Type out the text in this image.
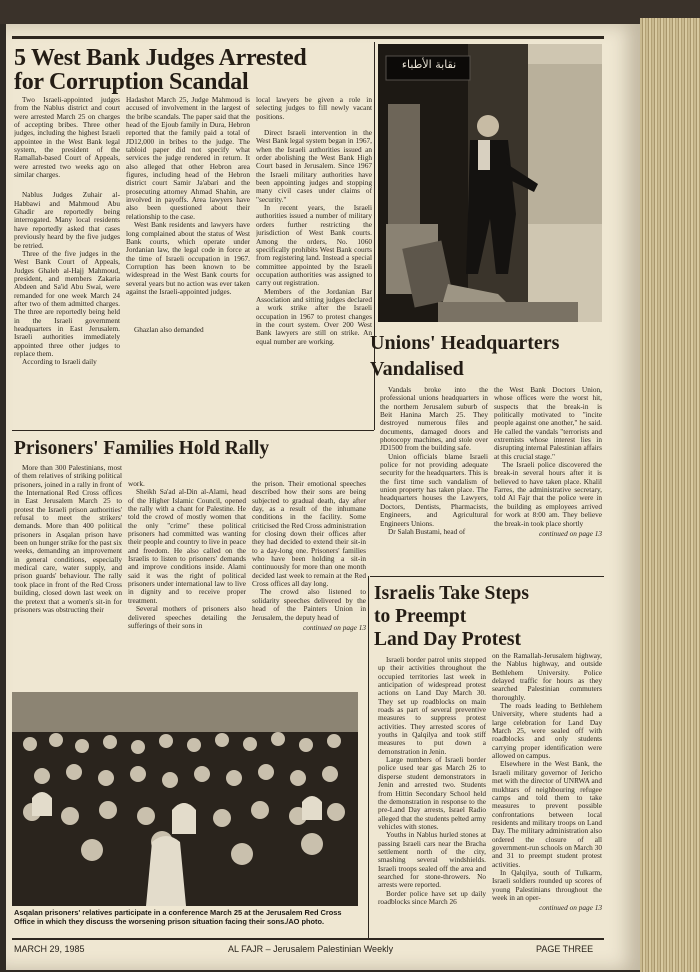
5 West Bank Judges Arrested
for Corruption Scandal

Two Israeli-appointed judges from the Nablus district and court were arrested March 25 on charges of accepting bribes. Three other judges, including the highest Israeli appointee in the West Bank legal system, the president of the Ramallah-based Court of Appeals, were arrested two weeks ago on similar charges.

Nablus Judges Zuhair al-Habbawi and Mahmoud Abu Ghadir are reportedly being interrogated. Many local residents have reportedly asked that cases previously heard by the five judges be retried.

Three of the five judges in the West Bank Court of Appeals, Judges Ghaleb al-Hajj Mahmoud, president, and members Zakaria Abdeen and Sa'id Abu Swai, were remanded for one week March 24 after two of them admitted charges. The three are reportedly being held in the Israeli government headquarters in East Jerusalem. Israeli authorities immediately appointed three other judges to replace them.

According to Israeli daily

Hadashot March 25, Judge Mahmoud is accused of involvement in the largest of the bribe scandals. The paper said that the head of the Ejoub family in Dura, Hebron reported that the family paid a total of JD12,000 in bribes to the judge. The tabloid paper did not specify what services the judge rendered in return. It also alleged that other Hebron area figures, including head of the Hebron district court Samir Ja'abari and the prosecuting attorney Ahmad Shahin, are involved in payoffs. Area lawyers have also been questioned about their relationship to the case.

West Bank residents and lawyers have long complained about the status of West Bank courts, which operate under Jordanian law, the legal code in force at the time of Israeli occupation in 1967. Corruption has been known to be widespread in the West Bank courts for several years but no action was ever taken against the Israeli-appointed judges.

Ghazlan also demanded

local lawyers be given a role in selecting judges to fill newly vacant positions.

Direct Israeli intervention in the West Bank legal system began in 1967, when the Israeli authorities issued an order abolishing the West Bank High Court based in Jerusalem. Since 1967 the Israeli military authorities have been appointing judges and stopping many civil cases under claims of "security."

In recent years, the Israeli authorities issued a number of military orders further restricting the jurisdiction of West Bank courts. Among the orders, No. 1060 specifically prohibits West Bank courts from registering land. Instead a special committee appointed by the Israeli occupation authorities was assigned to carry out registration.

Members of the Jordanian Bar Association and sitting judges declared a work strike after the Israeli occupation in 1967 to protest changes in the court system. Over 200 West Bank lawyers are still on strike. An equal number are working.

نقابة الأطباء
Unions' Headquarters
Vandalised

Vandals broke into the professional unions headquarters in the northern Jerusalem suburb of Beit Hanina March 25. They destroyed numerous files and documents, damaged doors and photocopy machines, and stole over JD1500 from the building safe.

Union officials blame Israeli police for not providing adequate security for the headquarters. This is the first time such vandalism of union property has taken place. The headquarters houses the Lawyers, Doctors, Dentists, Pharmacists, Engineers, and Agricultural Engineers Unions.

Dr Salah Bustami, head of

the West Bank Doctors Union, whose offices were the worst hit, suspects that the break-in is politically motivated to "incite people against one another," he said. He called the vandals "terrorists and extremists whose interest lies in disrupting internal Palestinian affairs at this crucial stage."

The Israeli police discovered the break-in several hours after it is believed to have taken place. Khalil Farres, the administrative secretary, told Al Fajr that the police were in the building as employees arrived for work at 8:00 am. They believe the break-in took place shortly

continued on page 13
Prisoners' Families Hold Rally

More than 300 Palestinians, most of them relatives of striking political prisoners, joined in a rally in front of the International Red Cross offices in East Jerusalem March 25 to protest the Israeli prison authorities' refusal to meet the strikers' demands. More than 400 political prisoners in Asqalan prison have been on hunger strike for the past six weeks, demanding an improvement in general conditions, especially medical care, water supply, and prison guards' behaviour. The rally took place in front of the Red Cross building, closed down last week on the pretext that a women's sit-in for prisoners was obstructing their

work.

Sheikh Sa'ad al-Din al-Alami, head of the Higher Islamic Council, opened the rally with a chant for Palestine. He told the crowd of mostly women that the only "crime" these political prisoners had committed was wanting their people and country to live in peace and freedom. He also called on the Israelis to listen to prisoners' demands and improve conditions inside. Alami said it was the right of political prisoners under international law to live in dignity and to receive proper treatment.

Several mothers of prisoners also delivered speeches detailing the sufferings of their sons in

the prison. Their emotional speeches described how their sons are being subjected to gradual death, day after day, as a result of the inhumane conditions in the facility. Some criticised the Red Cross administration for closing down their offices after they had decided to extend their sit-in to a day-long one. Prisoners' families who have been holding a sit-in continuously for more than one month decided last week to remain at the Red Cross offices all day long.

The crowd also listened to solidarity speeches delivered by the head of the Painters Union in Jerusalem, the deputy head of

continued on page 13
Asqalan prisoners' relatives participate in a conference March 25 at the Jerusalem Red Cross Office in which they discuss the worsening prison situation facing their sons./AO photo.
Israelis Take Steps
to Preempt
Land Day Protest

Israeli border patrol units stepped up their activities throughout the occupied territories last week in anticipation of widespread protest actions on Land Day March 30. They set up roadblocks on main roads as part of several preventive measures to suppress protest activities. They arrested scores of youths in Qalqilya and took stiff measures to put down a demonstration in Jenin.

Large numbers of Israeli border police used tear gas March 26 to disperse student demonstrators in Jenin and arrested two. Students from Hittin Secondary School held the demonstration in response to the pre-Land Day arrests, Israel Radio alleged that the students pelted army vehicles with stones.

Youths in Nablus hurled stones at passing Israeli cars near the Bracha settlement north of the city, smashing several windshields. Israeli troops sealed off the area and searched for stone-throwers. No arrests were reported.

Border police have set up daily roadblocks since March 26

on the Ramallah-Jerusalem highway, the Nablus highway, and outside Bethlehem University. Police delayed traffic for hours as they searched Palestinian commuters thoroughly.

The roads leading to Bethlehem University, where students had a large celebration for Land Day March 25, were sealed off with roadblocks and only students carrying proper identification were allowed on campus.

Elsewhere in the West Bank, the Israeli military governor of Jericho met with the director of UNRWA and mukhtars of neighbouring refugee camps and told them to take measures to prevent possible confrontations between local residents and military troops on Land Day. The military administration also ordered the closure of all government-run schools on March 30 and 31 to preempt student protest activities.

In Qalqilya, south of Tulkarm, Israeli soldiers rounded up scores of young Palestinians throughout the week in an oper-

continued on page 13
MARCH 29, 1985	AL FAJR – Jerusalem Palestinian Weekly	PAGE THREE
